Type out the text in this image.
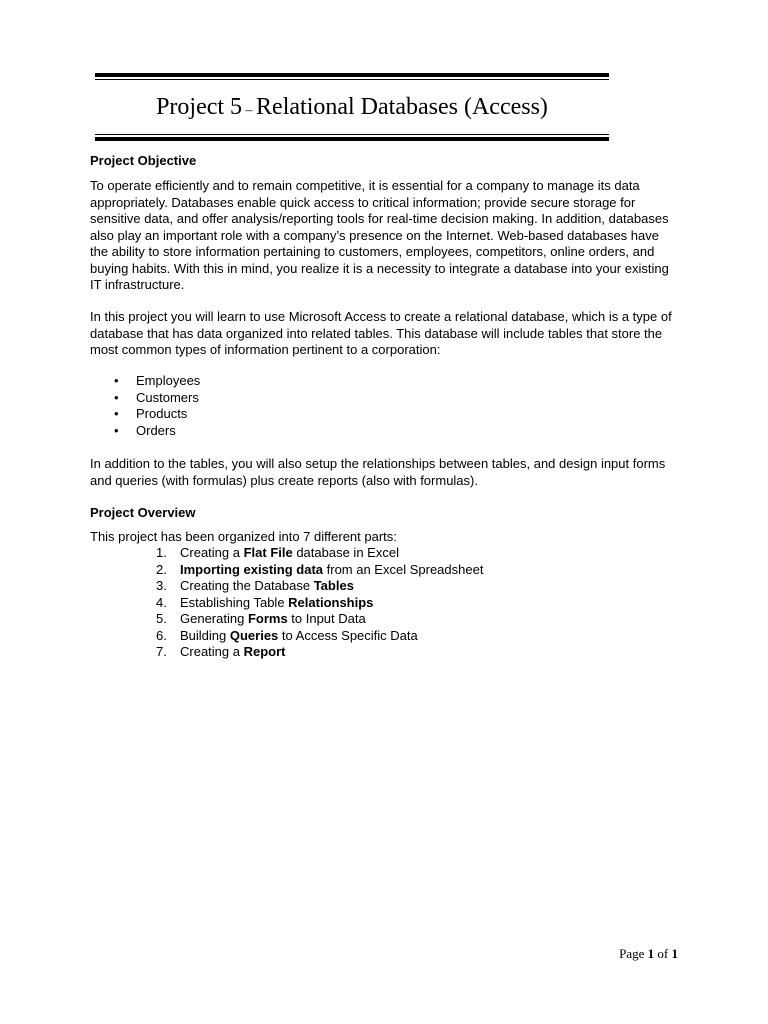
Project 5 – Relational Databases (Access)
Project Objective

To operate efficiently and to remain competitive, it is essential for a company to manage its data appropriately. Databases enable quick access to critical information; provide secure storage for sensitive data, and offer analysis/reporting tools for real-time decision making. In addition, databases also play an important role with a company’s presence on the Internet. Web-based databases have the ability to store information pertaining to customers, employees, competitors, online orders, and buying habits. With this in mind, you realize it is a necessity to integrate a database into your existing IT infrastructure.

In this project you will learn to use Microsoft Access to create a relational database, which is a type of database that has data organized into related tables. This database will include tables that store the most common types of information pertinent to a corporation:

• Employees
• Customers
• Products
• Orders

In addition to the tables, you will also setup the relationships between tables, and design input forms and queries (with formulas) plus create reports (also with formulas).

Project Overview

This project has been organized into 7 different parts:

1. Creating a Flat File database in Excel
2. Importing existing data from an Excel Spreadsheet
3. Creating the Database Tables
4. Establishing Table Relationships
5. Generating Forms to Input Data
6. Building Queries to Access Specific Data
7. Creating a Report
Page 1 of 1
